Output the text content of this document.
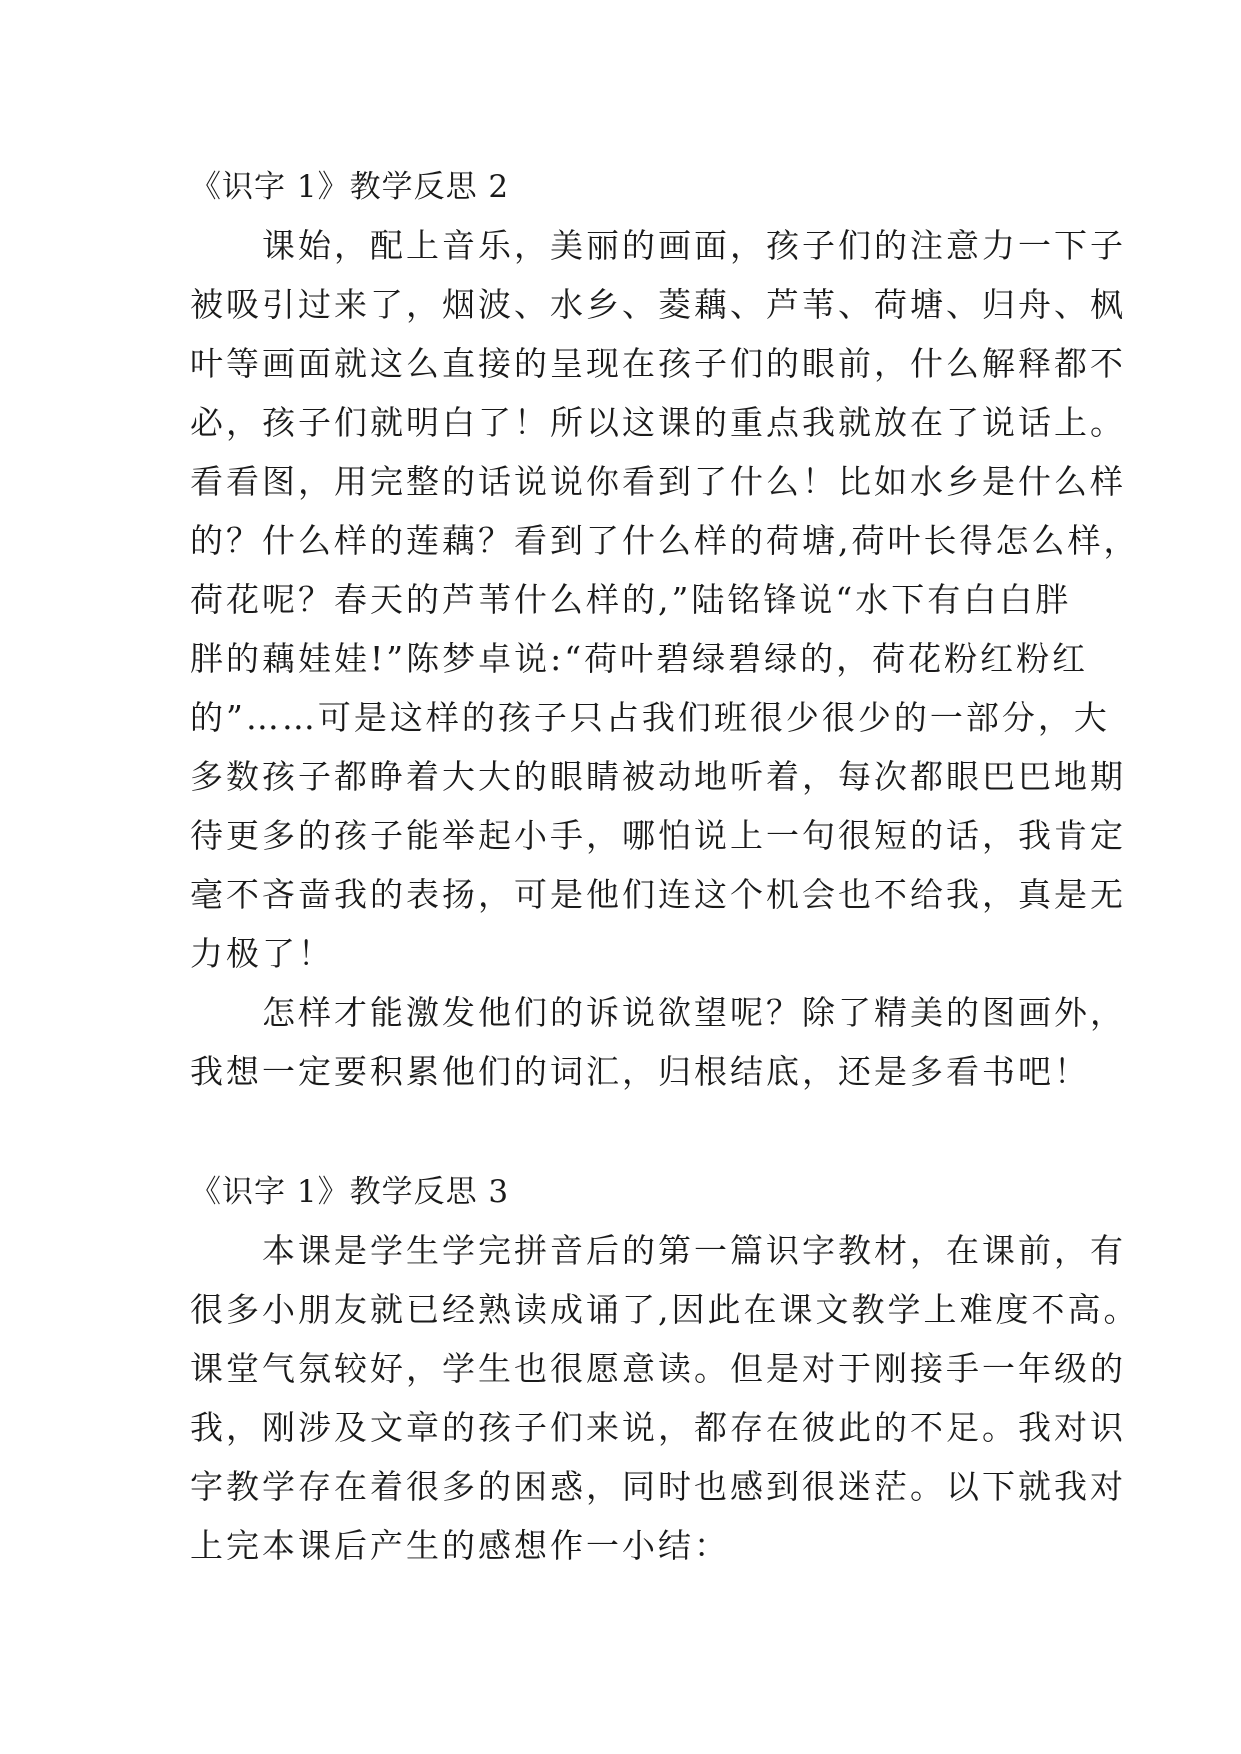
《识字 1》教学反思 2
　　课始，配上音乐，美丽的画面，孩子们的注意力一下子
被吸引过来了，烟波、水乡、菱藕、芦苇、荷塘、归舟、枫
叶等画面就这么直接的呈现在孩子们的眼前，什么解释都不
必，孩子们就明白了！所以这课的重点我就放在了说话上。
看看图，用完整的话说说你看到了什么！比如水乡是什么样
的？什么样的莲藕？看到了什么样的荷塘,荷叶长得怎么样，
荷花呢？春天的芦苇什么样的,”陆铭锋说“水下有白白胖
胖的藕娃娃!”陈梦卓说:“荷叶碧绿碧绿的，荷花粉红粉红
的”……可是这样的孩子只占我们班很少很少的一部分，大
多数孩子都睁着大大的眼睛被动地听着，每次都眼巴巴地期
待更多的孩子能举起小手，哪怕说上一句很短的话，我肯定
毫不吝啬我的表扬，可是他们连这个机会也不给我，真是无
力极了！
　　怎样才能激发他们的诉说欲望呢？除了精美的图画外，
我想一定要积累他们的词汇，归根结底，还是多看书吧！
《识字 1》教学反思 3
　　本课是学生学完拼音后的第一篇识字教材，在课前，有
很多小朋友就已经熟读成诵了,因此在课文教学上难度不高。
课堂气氛较好，学生也很愿意读。但是对于刚接手一年级的
我，刚涉及文章的孩子们来说，都存在彼此的不足。我对识
字教学存在着很多的困惑，同时也感到很迷茫。以下就我对
上完本课后产生的感想作一小结：
